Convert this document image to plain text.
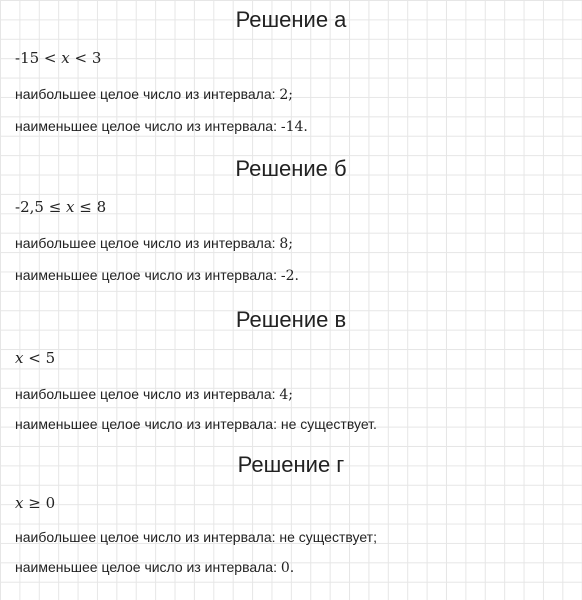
Решение а
-15 < x < 3
наибольшее целое число из интервала: 2;
наименьшее целое число из интервала: -14.
Решение б
-2,5 ≤ x ≤ 8
наибольшее целое число из интервала: 8;
наименьшее целое число из интервала: -2.
Решение в
x < 5
наибольшее целое число из интервала: 4;
наименьшее целое число из интервала: не существует.
Решение г
x ≥ 0
наибольшее целое число из интервала: не существует;
наименьшее целое число из интервала: 0.
